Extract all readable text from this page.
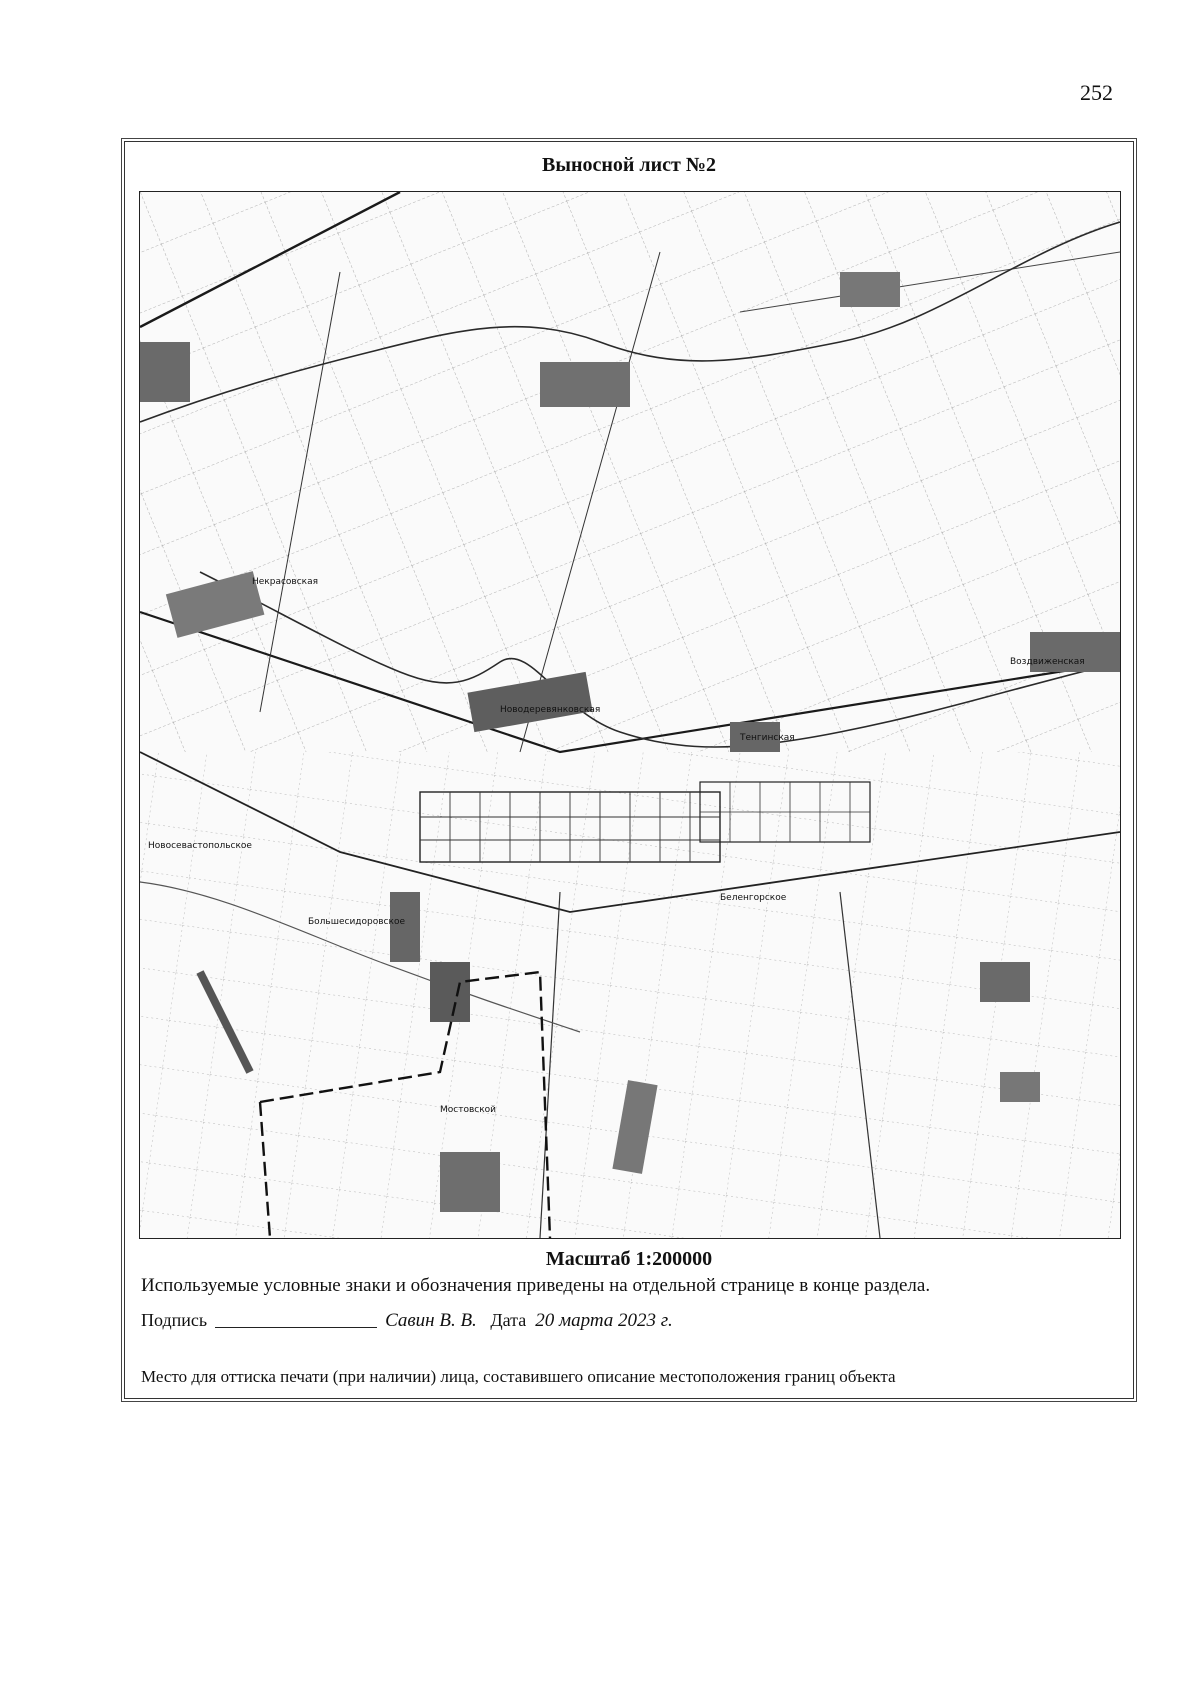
252
Выносной лист №2
Новодеревянковская
Некрасовская
Воздвиженская
Новосевастопольское
Большесидоровское
Беленгорское
Тенгинская
Мостовской
Масштаб 1:200000
Используемые условные знаки и обозначения приведены на отдельной странице в конце раздела.
Подпись	Савин В. В. Дата 20 марта 2023 г.
Место для оттиска печати (при наличии) лица, составившего описание местоположения границ объекта
